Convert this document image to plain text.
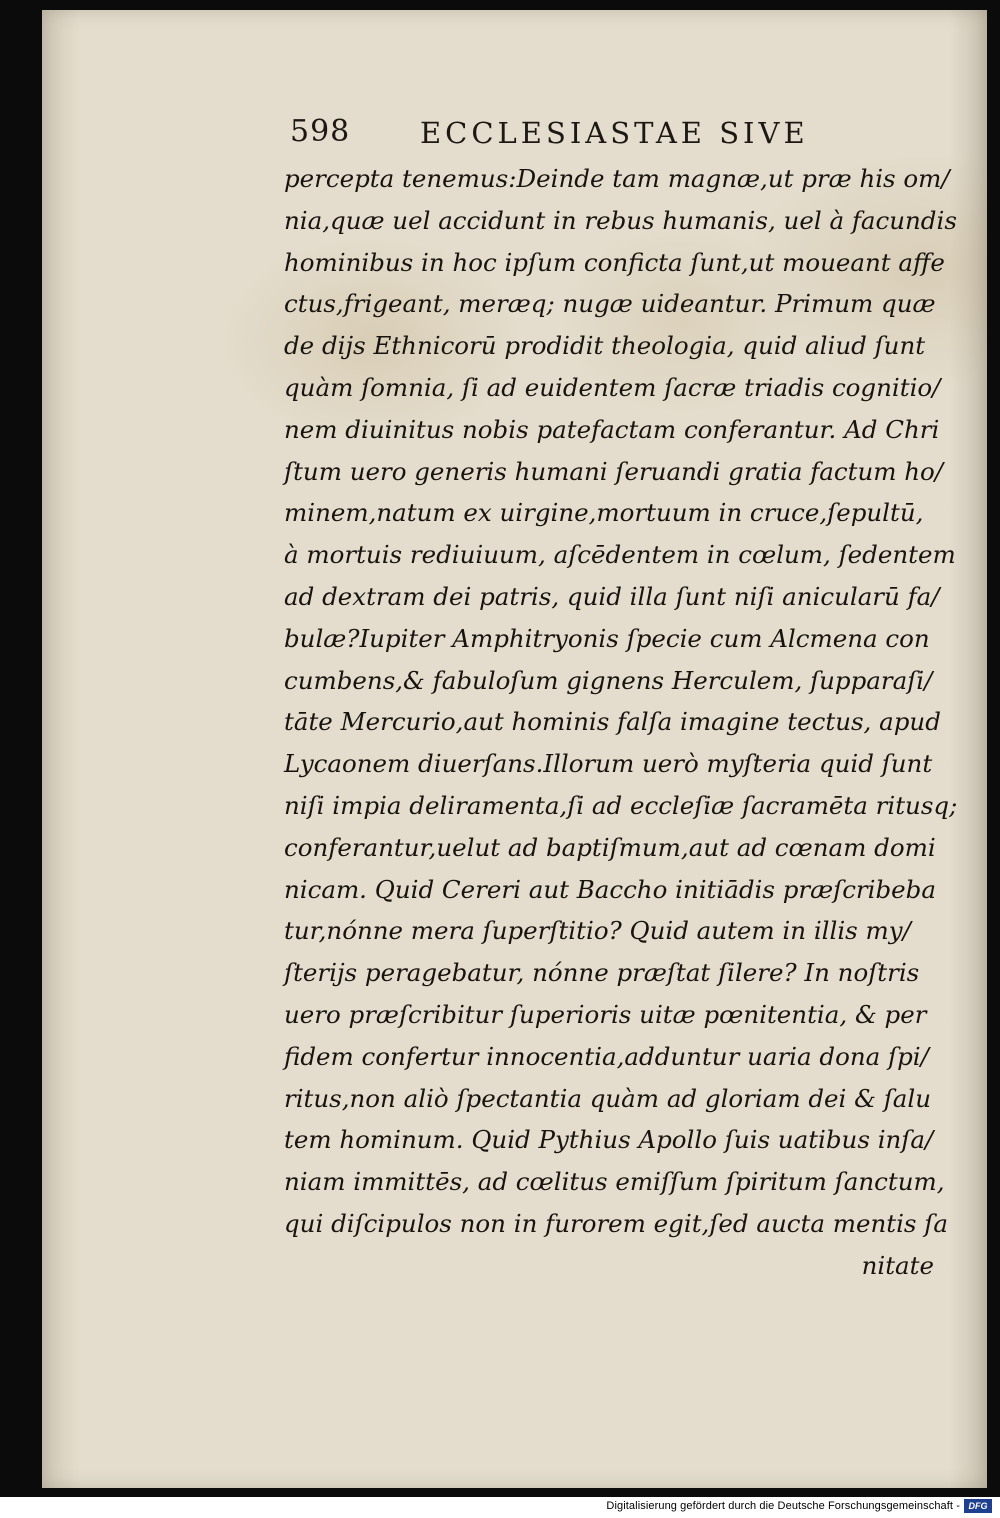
598 ECCLESIASTAE SIVE
percepta tenemus:Deinde tam magnæ,ut præ his om/
nia,quæ uel accidunt in rebus humanis, uel à facundis
hominibus in hoc ipſum conficta ſunt,ut moueant affe
ctus,frigeant, meræq; nugæ uideantur. Primum quæ
de dijs Ethnicorū prodidit theologia, quid aliud ſunt
quàm ſomnia, ſi ad euidentem ſacræ triadis cognitio/
nem diuinitus nobis patefactam conferantur. Ad Chri
ſtum uero generis humani ſeruandi gratia factum ho/
minem,natum ex uirgine,mortuum in cruce,ſepultū,
à mortuis rediuiuum, aſcēdentem in cœlum, ſedentem
ad dextram dei patris, quid illa ſunt niſi anicularū fa/
bulæ?Iupiter Amphitryonis ſpecie cum Alcmena con
cumbens,& fabuloſum gignens Herculem, ſupparaſi/
tāte Mercurio,aut hominis falſa imagine tectus, apud
Lycaonem diuerſans.Illorum uerò myſteria quid ſunt
niſi impia deliramenta,ſi ad eccleſiæ ſacramēta ritusq;
conferantur,uelut ad baptiſmum,aut ad cœnam domi
nicam. Quid Cereri aut Baccho initiādis præſcribeba
tur,nónne mera ſuperſtitio? Quid autem in illis my/
ſterijs peragebatur, nónne præſtat ſilere? In noſtris
uero præſcribitur ſuperioris uitæ pœnitentia, & per
fidem confertur innocentia,adduntur uaria dona ſpi/
ritus,non aliò ſpectantia quàm ad gloriam dei & ſalu
tem hominum. Quid Pythius Apollo ſuis uatibus inſa/
niam immittēs, ad cœlitus emiſſum ſpiritum ſanctum,
qui diſcipulos non in furorem egit,ſed aucta mentis ſa
nitate
Digitalisierung gefördert durch die Deutsche Forschungsgemeinschaft - DFG
